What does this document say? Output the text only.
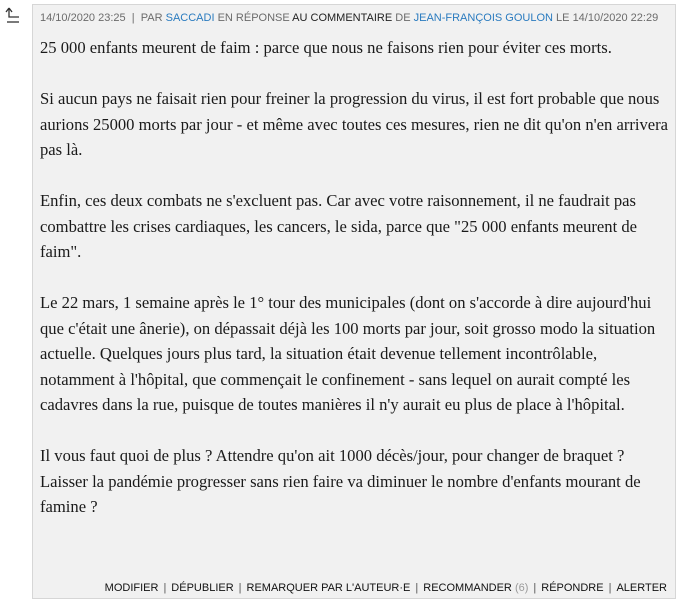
14/10/2020 23:25  |  PAR SACCADI EN RÉPONSE AU COMMENTAIRE DE JEAN-FRANÇOIS GOULON LE 14/10/2020 22:29

25 000 enfants meurent de faim : parce que nous ne faisons rien pour éviter ces morts.

Si aucun pays ne faisait rien pour freiner la progression du virus, il est fort probable que nous aurions 25000 morts par jour - et même avec toutes ces mesures, rien ne dit qu'on n'en arrivera pas là.

Enfin, ces deux combats ne s'excluent pas. Car avec votre raisonnement, il ne faudrait pas combattre les crises cardiaques, les cancers, le sida, parce que "25 000 enfants meurent de faim".

Le 22 mars, 1 semaine après le 1° tour des municipales (dont on s'accorde à dire aujourd'hui que c'était une ânerie), on dépassait déjà les 100 morts par jour, soit grosso modo la situation actuelle. Quelques jours plus tard, la situation était devenue tellement incontrôlable, notamment à l'hôpital, que commençait le confinement - sans lequel on aurait compté les cadavres dans la rue, puisque de toutes manières il n'y aurait eu plus de place à l'hôpital.

Il vous faut quoi de plus ? Attendre qu'on ait 1000 décès/jour, pour changer de braquet ? Laisser la pandémie progresser sans rien faire va diminuer le nombre d'enfants mourant de famine ?

MODIFIER | DÉPUBLIER | REMARQUER PAR L'AUTEUR·E | RECOMMANDER (6) | RÉPONDRE | ALERTER
